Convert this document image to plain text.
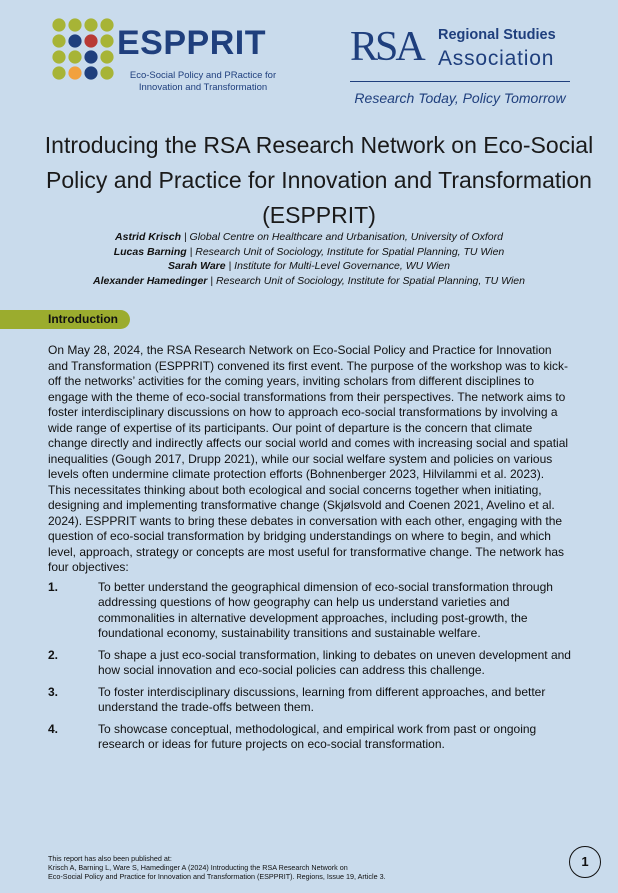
ESPPRIT
Eco-Social Policy and PRactice for Innovation and Transformation
RSA Regional Studies
Association
Research Today, Policy Tomorrow
Introducing the RSA Research Network on Eco-Social Policy and Practice for Innovation and Transformation (ESPPRIT)
Astrid Krisch | Global Centre on Healthcare and Urbanisation, University of Oxford
Lucas Barning | Research Unit of Sociology, Institute for Spatial Planning, TU Wien
Sarah Ware | Institute for Multi-Level Governance, WU Wien
Alexander Hamedinger | Research Unit of Sociology, Institute for Spatial Planning, TU Wien
Introduction

On May 28, 2024, the RSA Research Network on Eco-Social Policy and Practice for Innovation and Transformation (ESPPRIT) convened its first event. The purpose of the workshop was to kick-off the networks’ activities for the coming years, inviting scholars from different disciplines to engage with the theme of eco-social transformations from their perspectives. The network aims to foster interdisciplinary discussions on how to approach eco-social transformations by involving a wide range of expertise of its participants. Our point of departure is the concern that climate change directly and indirectly affects our social world and comes with increasing social and spatial inequalities (Gough 2017, Drupp 2021), while our social welfare system and policies on various levels often undermine climate protection efforts (Bohnenberger 2023, Hilvilammi et al. 2023).

This necessitates thinking about both ecological and social concerns together when initiating, designing and implementing transformative change (Skjølsvold and Coenen 2021, Avelino et al. 2024). ESPPRIT wants to bring these debates in conversation with each other, engaging with the question of eco-social transformation by bridging understandings on where to begin, and which level, approach, strategy or concepts are most useful for transformative change. The network has four objectives:

1.	To better understand the geographical dimension of eco-social transformation through addressing questions of how geography can help us understand varieties and commonalities in alternative development approaches, including post-growth, the foundational economy, sustainability transitions and sustainable welfare.
2.	To shape a just eco-social transformation, linking to debates on uneven development and how social innovation and eco-social policies can address this challenge.
3.	To foster interdisciplinary discussions, learning from different approaches, and better understand the trade-offs between them.
4.	To showcase conceptual, methodological, and empirical work from past or ongoing research or ideas for future projects on eco-social transformation.
This report has also been published at:
Krisch A, Barning L, Ware S, Hamedinger A (2024) Introducting the RSA Research Network on
Eco-Social Policy and Practice for Innovation and Transformation (ESPPRIT). Regions, Issue 19, Article 3.
1
